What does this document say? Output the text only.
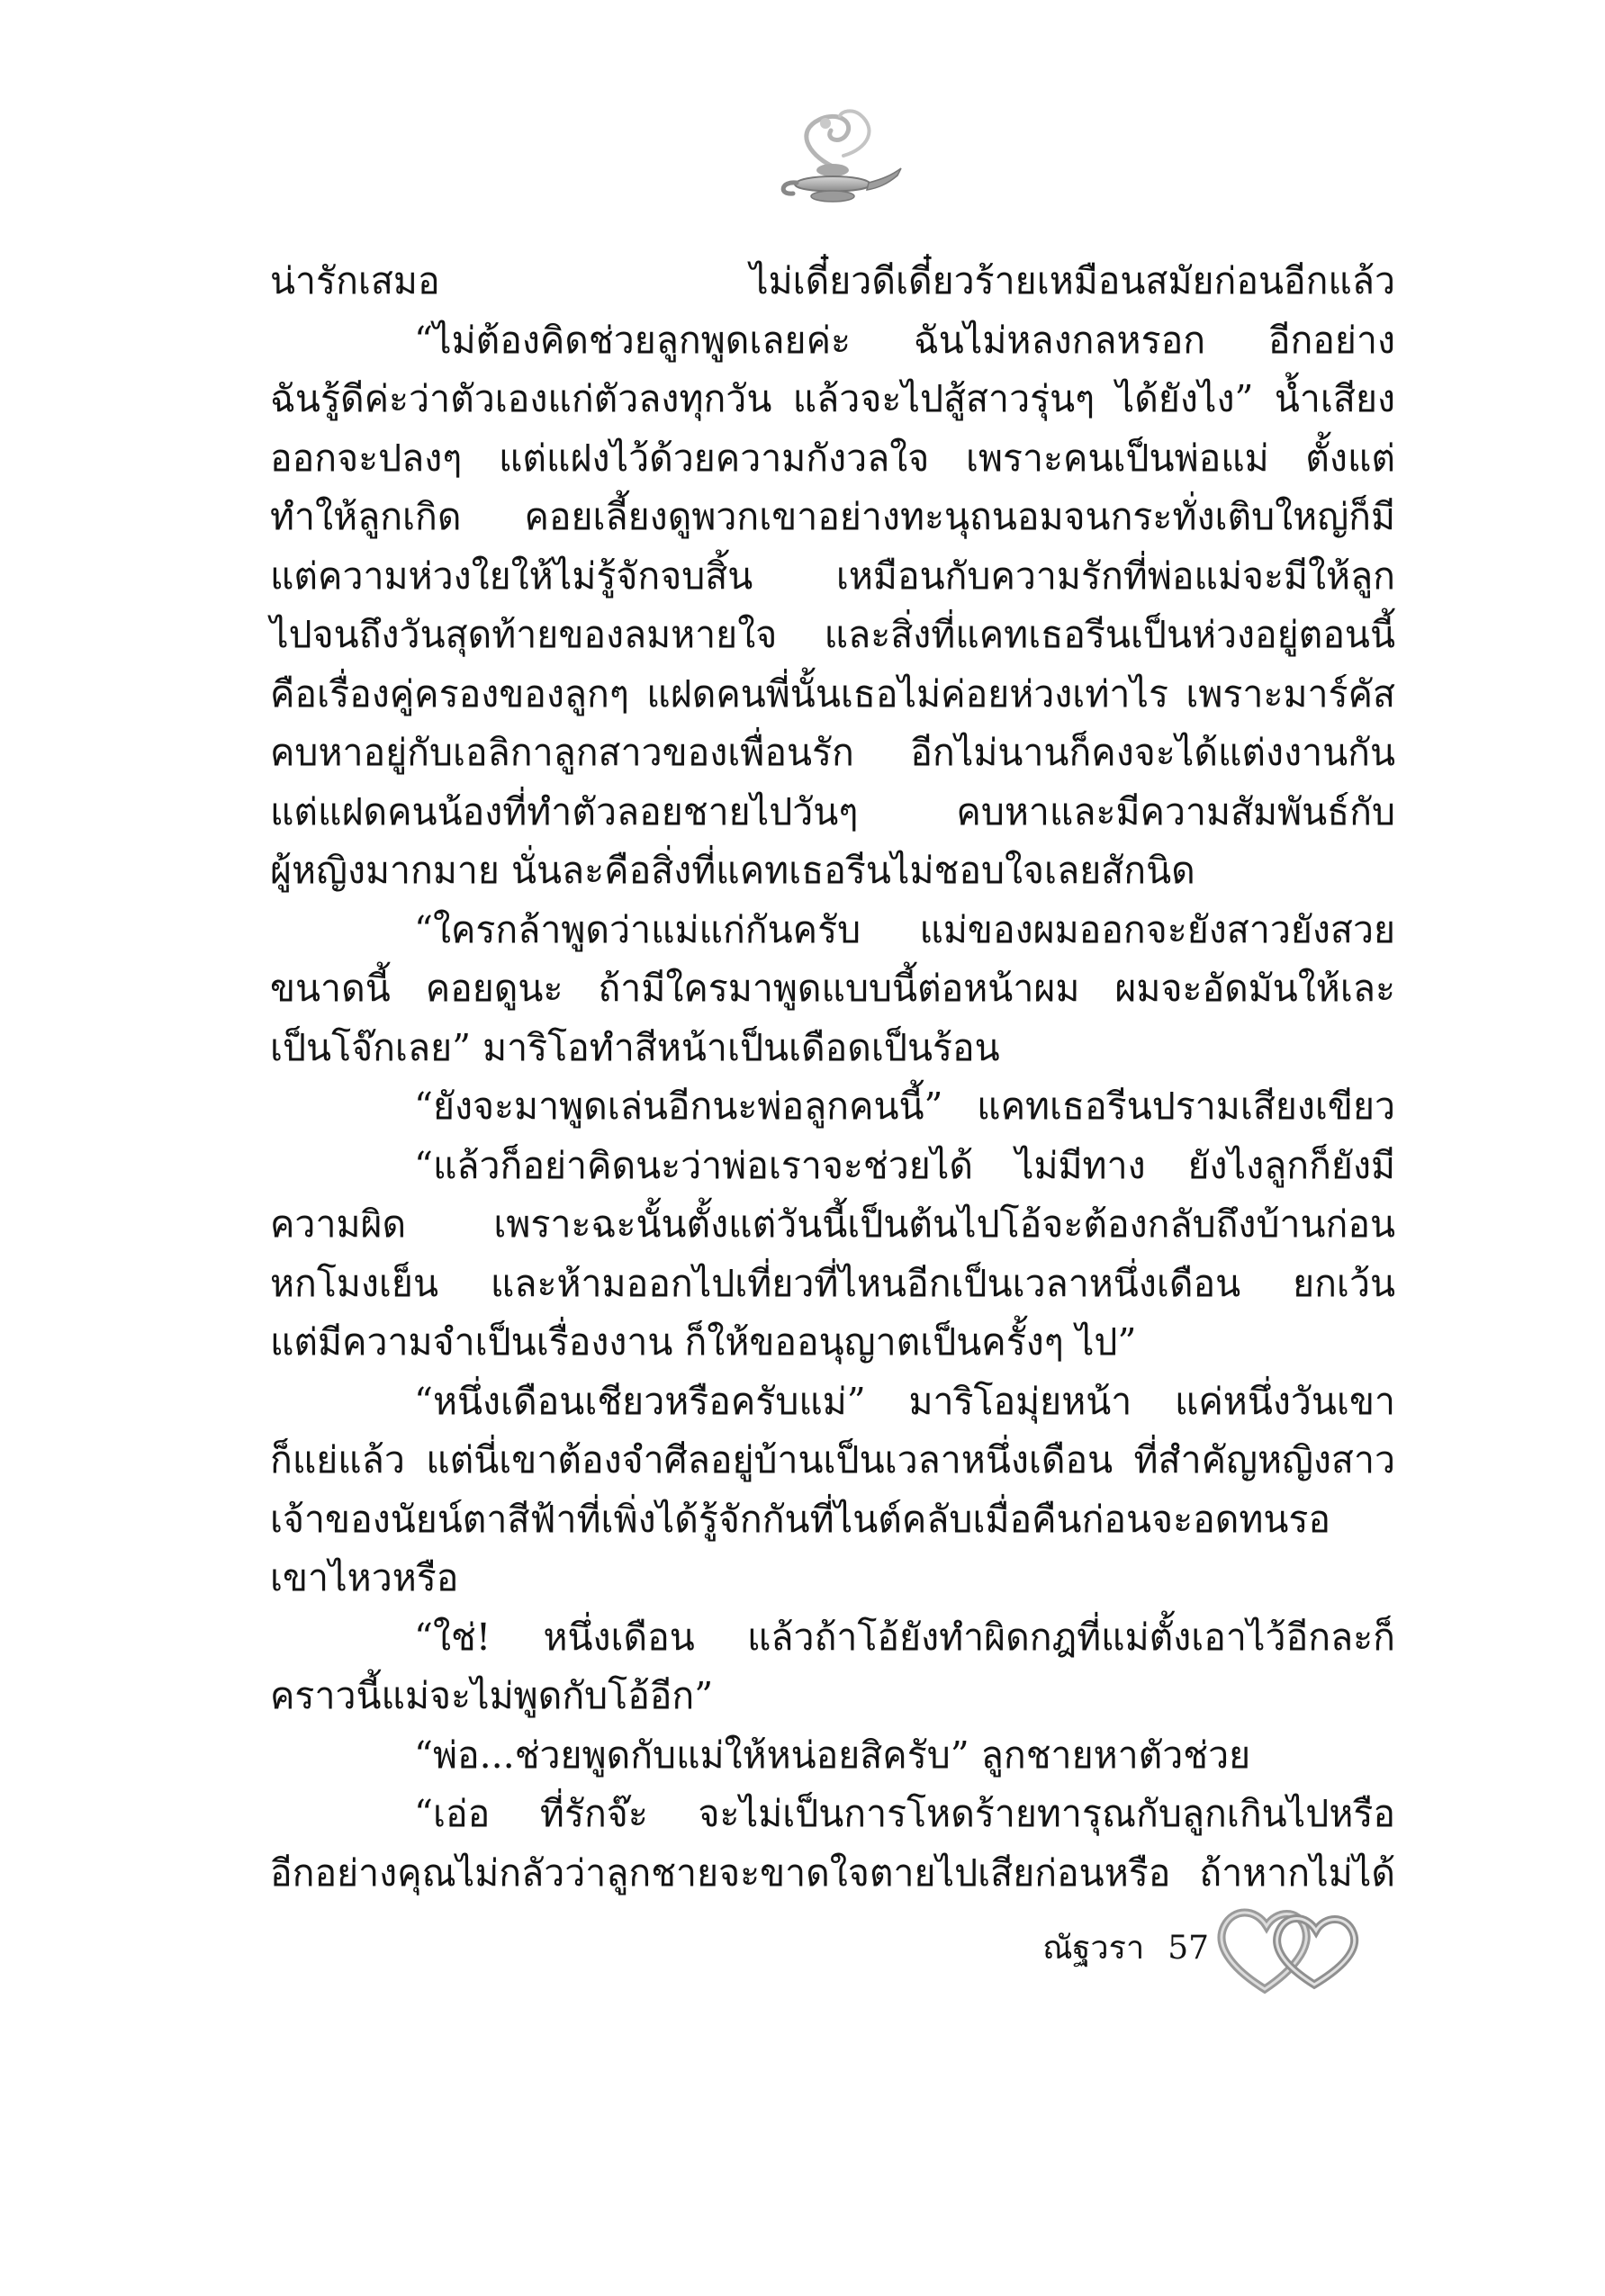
น่ารักเสมอ ไม่เดี๋ยวดีเดี๋ยวร้ายเหมือนสมัยก่อนอีกแล้ว
“ไม่ต้องคิดช่วยลูกพูดเลยค่ะ ฉันไม่หลงกลหรอก อีกอย่าง
ฉันรู้ดีค่ะว่าตัวเองแก่ตัวลงทุกวัน แล้วจะไปสู้สาวรุ่นๆ ได้ยังไง” น้ำเสียง
ออกจะปลงๆ แต่แฝงไว้ด้วยความกังวลใจ เพราะคนเป็นพ่อแม่ ตั้งแต่
ทำให้ลูกเกิด คอยเลี้ยงดูพวกเขาอย่างทะนุถนอมจนกระทั่งเติบใหญ่ก็มี
แต่ความห่วงใยให้ไม่รู้จักจบสิ้น เหมือนกับความรักที่พ่อแม่จะมีให้ลูก
ไปจนถึงวันสุดท้ายของลมหายใจ และสิ่งที่แคทเธอรีนเป็นห่วงอยู่ตอนนี้
คือเรื่องคู่ครองของลูกๆ แฝดคนพี่นั้นเธอไม่ค่อยห่วงเท่าไร เพราะมาร์คัส
คบหาอยู่กับเอลิกาลูกสาวของเพื่อนรัก อีกไม่นานก็คงจะได้แต่งงานกัน
แต่แฝดคนน้องที่ทำตัวลอยชายไปวันๆ คบหาและมีความสัมพันธ์กับ
ผู้หญิงมากมาย นั่นละคือสิ่งที่แคทเธอรีนไม่ชอบใจเลยสักนิด
“ใครกล้าพูดว่าแม่แก่กันครับ แม่ของผมออกจะยังสาวยังสวย
ขนาดนี้ คอยดูนะ ถ้ามีใครมาพูดแบบนี้ต่อหน้าผม ผมจะอัดมันให้เละ
เป็นโจ๊กเลย” มาริโอทำสีหน้าเป็นเดือดเป็นร้อน
“ยังจะมาพูดเล่นอีกนะพ่อลูกคนนี้” แคทเธอรีนปรามเสียงเขียว
“แล้วก็อย่าคิดนะว่าพ่อเราจะช่วยได้ ไม่มีทาง ยังไงลูกก็ยังมี
ความผิด เพราะฉะนั้นตั้งแต่วันนี้เป็นต้นไปโอ้จะต้องกลับถึงบ้านก่อน
หกโมงเย็น และห้ามออกไปเที่ยวที่ไหนอีกเป็นเวลาหนึ่งเดือน ยกเว้น
แต่มีความจำเป็นเรื่องงาน ก็ให้ขออนุญาตเป็นครั้งๆ ไป”
“หนึ่งเดือนเชียวหรือครับแม่” มาริโอมุ่ยหน้า แค่หนึ่งวันเขา
ก็แย่แล้ว แต่นี่เขาต้องจำศีลอยู่บ้านเป็นเวลาหนึ่งเดือน ที่สำคัญหญิงสาว
เจ้าของนัยน์ตาสีฟ้าที่เพิ่งได้รู้จักกันที่ไนต์คลับเมื่อคืนก่อนจะอดทนรอ
เขาไหวหรือ
“ใช่! หนึ่งเดือน แล้วถ้าโอ้ยังทำผิดกฎที่แม่ตั้งเอาไว้อีกละก็
คราวนี้แม่จะไม่พูดกับโอ้อีก”
“พ่อ...ช่วยพูดกับแม่ให้หน่อยสิครับ” ลูกชายหาตัวช่วย
“เอ่อ ที่รักจ๊ะ จะไม่เป็นการโหดร้ายทารุณกับลูกเกินไปหรือ
อีกอย่างคุณไม่กลัวว่าลูกชายจะขาดใจตายไปเสียก่อนหรือ ถ้าหากไม่ได้
ณัฐวรา 57
